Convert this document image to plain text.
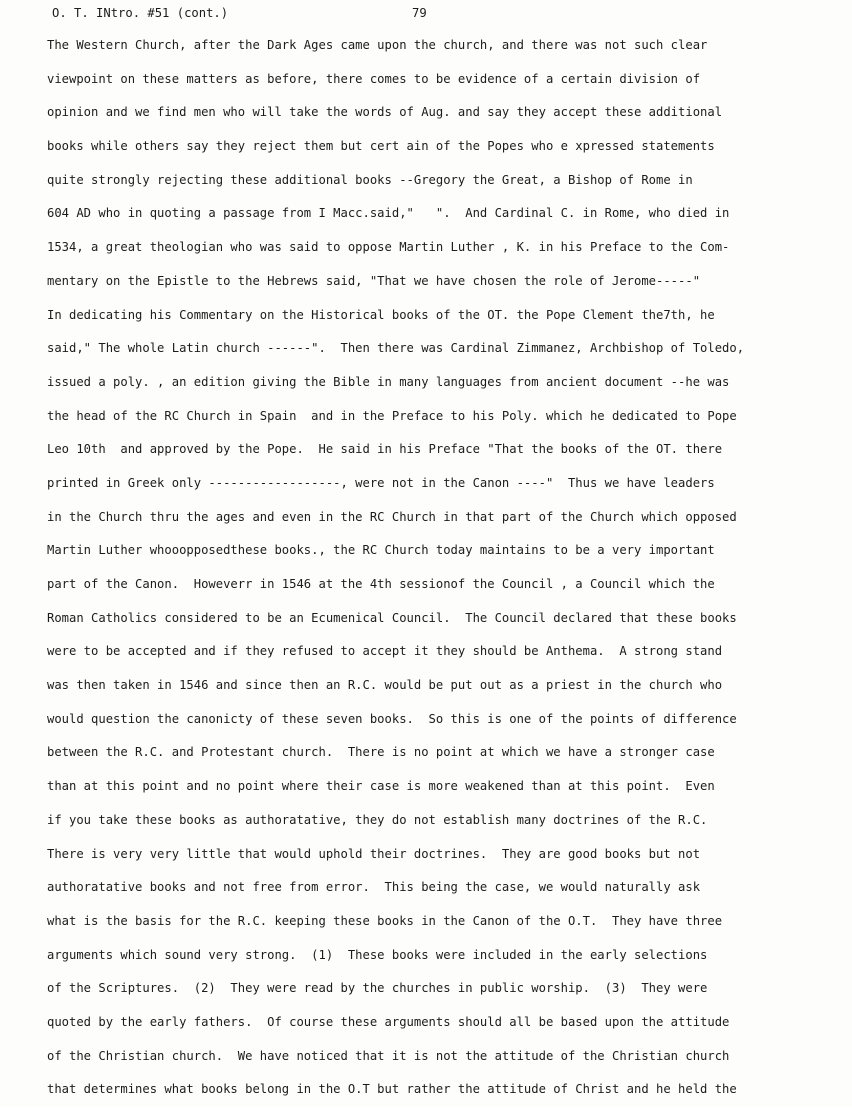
O. T. INtro. #51 (cont.)	79
The Western Church, after the Dark Ages came upon the church, and there was not such clear
viewpoint on these matters as before, there comes to be evidence of a certain division of
opinion and we find men who will take the words of Aug. and say they accept these additional
books while others say they reject them but cert ain of the Popes who e xpressed statements
quite strongly rejecting these additional books --Gregory the Great, a Bishop of Rome in
604 AD who in quoting a passage from I Macc.said,"   ".  And Cardinal C. in Rome, who died in
1534, a great theologian who was said to oppose Martin Luther , K. in his Preface to the Com-
mentary on the Epistle to the Hebrews said, "That we have chosen the role of Jerome-----"
In dedicating his Commentary on the Historical books of the OT. the Pope Clement the7th, he
said," The whole Latin church ------".  Then there was Cardinal Zimmanez, Archbishop of Toledo,
issued a poly. , an edition giving the Bible in many languages from ancient document --he was
the head of the RC Church in Spain  and in the Preface to his Poly. which he dedicated to Pope
Leo 10th  and approved by the Pope.  He said in his Preface "That the books of the OT. there
printed in Greek only ------------------, were not in the Canon ----"  Thus we have leaders
in the Church thru the ages and even in the RC Church in that part of the Church which opposed
Martin Luther whooopposedthese books., the RC Church today maintains to be a very important
part of the Canon.  Howeverr in 1546 at the 4th sessionof the Council , a Council which the
Roman Catholics considered to be an Ecumenical Council.  The Council declared that these books
were to be accepted and if they refused to accept it they should be Anthema.  A strong stand
was then taken in 1546 and since then an R.C. would be put out as a priest in the church who
would question the canonicty of these seven books.  So this is one of the points of difference
between the R.C. and Protestant church.  There is no point at which we have a stronger case
than at this point and no point where their case is more weakened than at this point.  Even
if you take these books as authoratative, they do not establish many doctrines of the R.C.
There is very very little that would uphold their doctrines.  They are good books but not
authoratative books and not free from error.  This being the case, we would naturally ask
what is the basis for the R.C. keeping these books in the Canon of the O.T.  They have three
arguments which sound very strong.  (1)  These books were included in the early selections
of the Scriptures.  (2)  They were read by the churches in public worship.  (3)  They were
quoted by the early fathers.  Of course these arguments should all be based upon the attitude
of the Christian church.  We have noticed that it is not the attitude of the Christian church
that determines what books belong in the O.T but rather the attitude of Christ and he held the
